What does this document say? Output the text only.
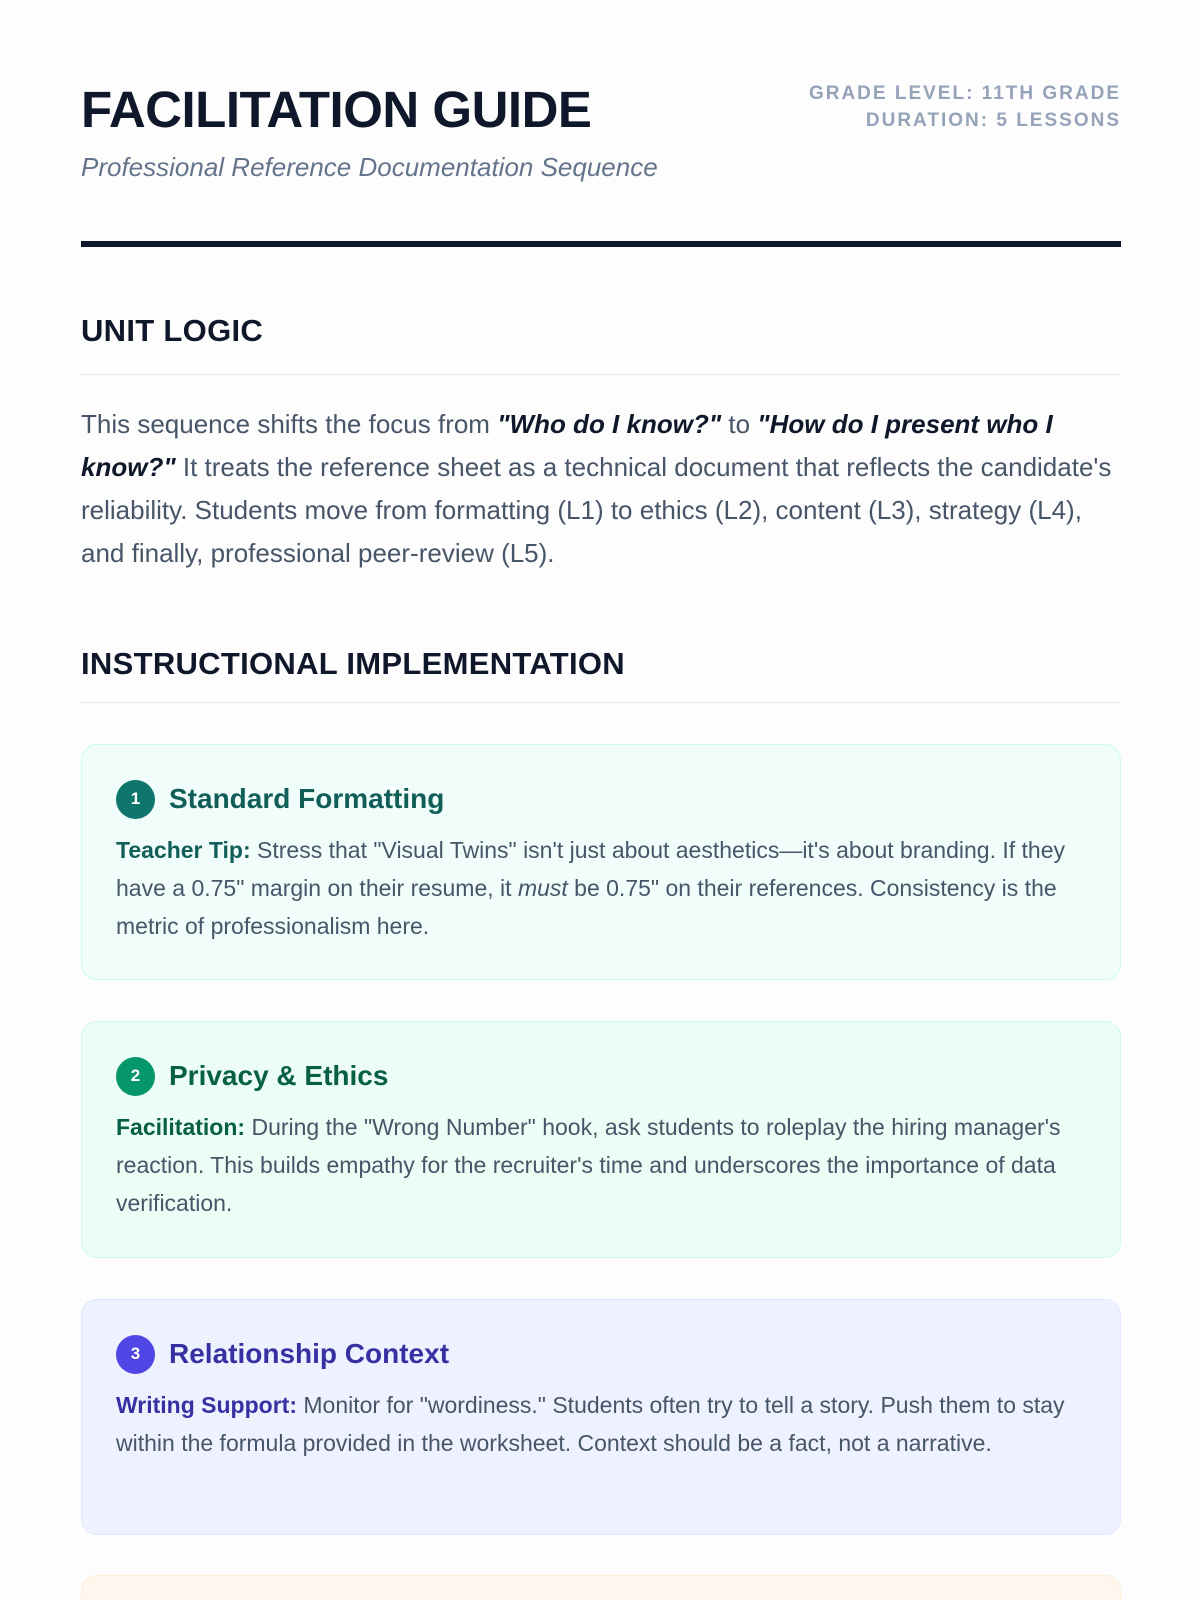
FACILITATION GUIDE
Professional Reference Documentation Sequence
GRADE LEVEL: 11TH GRADE
DURATION: 5 LESSONS
UNIT LOGIC

This sequence shifts the focus from "Who do I know?" to "How do I present who I know?" It treats the reference sheet as a technical document that reflects the candidate's reliability. Students move from formatting (L1) to ethics (L2), content (L3), strategy (L4), and finally, professional peer-review (L5).

INSTRUCTIONAL IMPLEMENTATION
1	Standard Formatting

Teacher Tip: Stress that "Visual Twins" isn't just about aesthetics—it's about branding. If they have a 0.75" margin on their resume, it must be 0.75" on their references. Consistency is the metric of professionalism here.

2	Privacy & Ethics

Facilitation: During the "Wrong Number" hook, ask students to roleplay the hiring manager's reaction. This builds empathy for the recruiter's time and underscores the importance of data verification.

3	Relationship Context

Writing Support: Monitor for "wordiness." Students often try to tell a story. Push them to stay within the formula provided in the worksheet. Context should be a fact, not a narrative.
